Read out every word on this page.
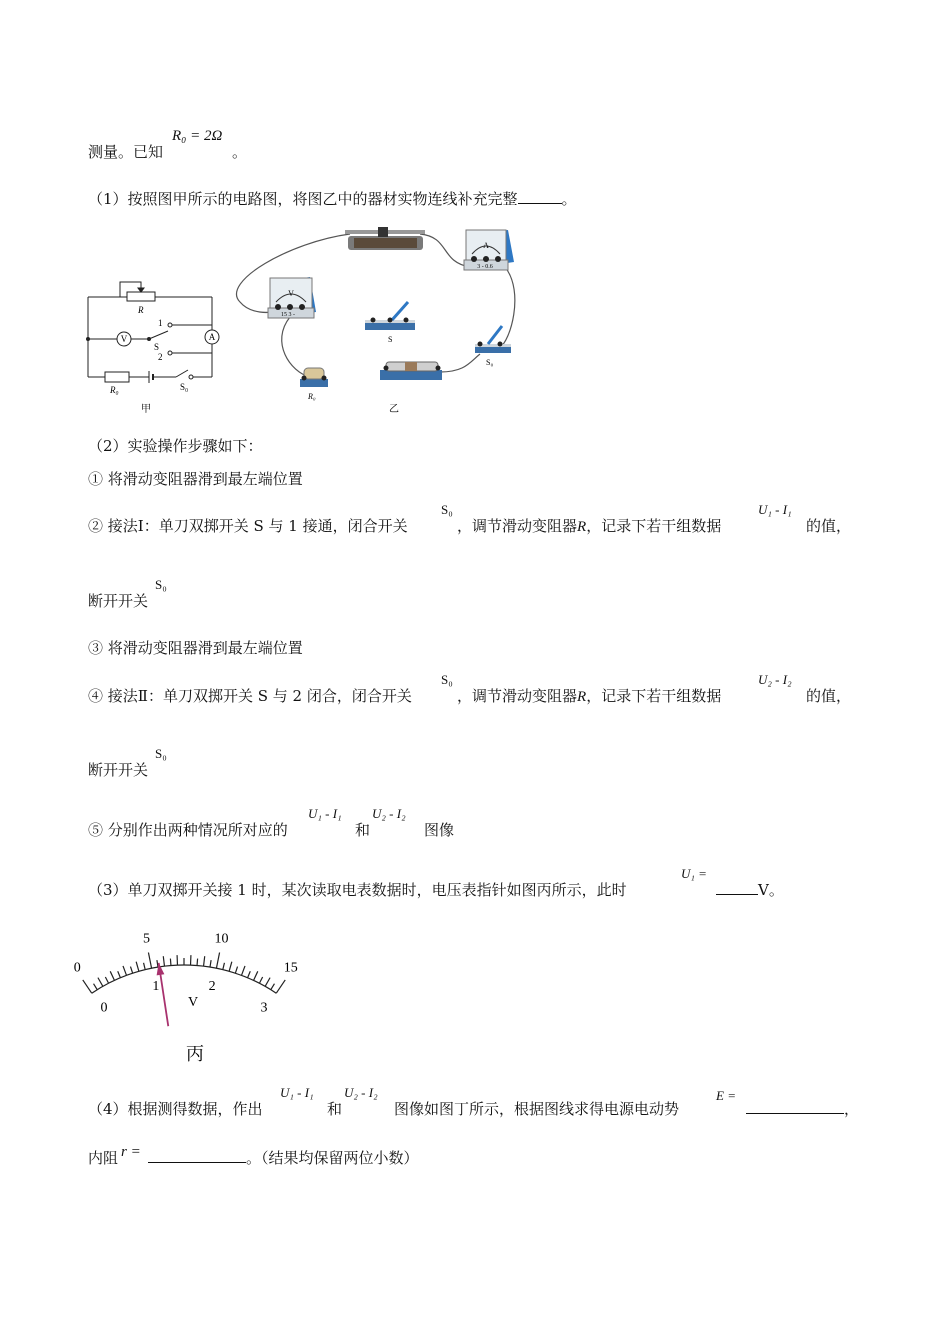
测量。已知
R₀ = 2Ω
。
（1）按照图甲所示的电路图，将图乙中的器材实物连线补充完整	。
V	A
R
1
S
2
R₀	S₀
甲
A
3 - 0.6
V
15 3 -
S
S₀
R₀
乙
（2）实验操作步骤如下：
① 将滑动变阻器滑到最左端位置
② 接法Ⅰ：单刀双掷开关 S 与 1 接通，闭合开关
S₀
，调节滑动变阻器R，记录下若干组数据
U₁ - I₁
的值，
断开开关
S₀
③ 将滑动变阻器滑到最左端位置
④ 接法Ⅱ：单刀双掷开关 S 与 2 闭合，闭合开关
S₀
，调节滑动变阻器R，记录下若干组数据
U₂ - I₂
的值，
断开开关
S₀
⑤ 分别作出两种情况所对应的
U₁ - I₁
和
U₂ - I₂
图像
（3）单刀双掷开关接 1 时，某次读取电表数据时，电压表指针如图丙所示，此时
U₁ =
V。
0
5	10
15
0
1	2
3
V
丙
（4）根据测得数据，作出
U₁ - I₁
和
U₂ - I₂
图像如图丁所示，根据图线求得电源电动势
E =
，
内阻 r =	。（结果均保留两位小数）
